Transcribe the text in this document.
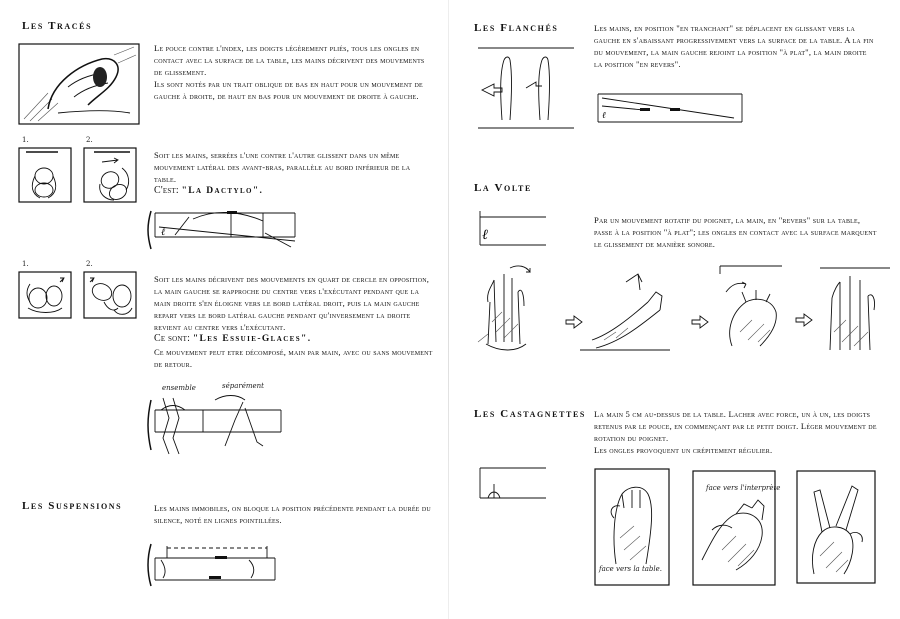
Les Tracés

Le pouce contre l'index, les doigts légèrement pliés, tous les ongles en contact avec la surface de la table, les mains décrivent des mouvements de glissement.

Ils sont notés par un trait oblique de bas en haut pour un mouvement de gauche à droite, de haut en bas pour un mouvement de droite à gauche.

1.	2.

Soit les mains, serrées l'une contre l'autre glissent dans un même mouvement latéral des avant-bras, parallèle au bord inférieur de la table.

C'est: "La Dactylo".

ℓ
1.	2.

Soit les mains décrivent des mouvements en quart de cercle en opposition, la main gauche se rapproche du centre vers l'exécutant pendant que la main droite s'en éloigne vers le bord latéral droit, puis la main gauche repart vers le bord latéral gauche pendant qu'inversement la droite revient au centre vers l'exécutant.

Ce sont: "Les Essuie-Glaces".

Ce mouvement peut etre décomposé, main par main, avec ou sans mouvement de retour.

ensemble	séparément
Les Suspensions	Les mains immobiles, on bloque la position précédente pendant la durée du silence, noté en lignes pointillées.

Les Flanchés	Les mains, en position "en tranchant" se déplacent en glissant vers la gauche en s'abaissant progressivement vers la surface de la table. A la fin du mouvement, la main gauche rejoint la position "à plat", la main droite la position "en revers".

ℓ
La Volte
ℓ

Par un mouvement rotatif du poignet, la main, en "revers" sur la table, passe à la position "à plat"; les ongles en contact avec la surface marquent le glissement de manière sonore.

Les Castagnettes La main 5 cm au-dessus de la table. Lacher avec force, un à un, les doigts retenus par le pouce, en commençant par le petit doigt. Léger mouvement de rotation du poignet.

Les ongles provoquent un crépitement régulier.

face vers la table.
face vers l'interprète
